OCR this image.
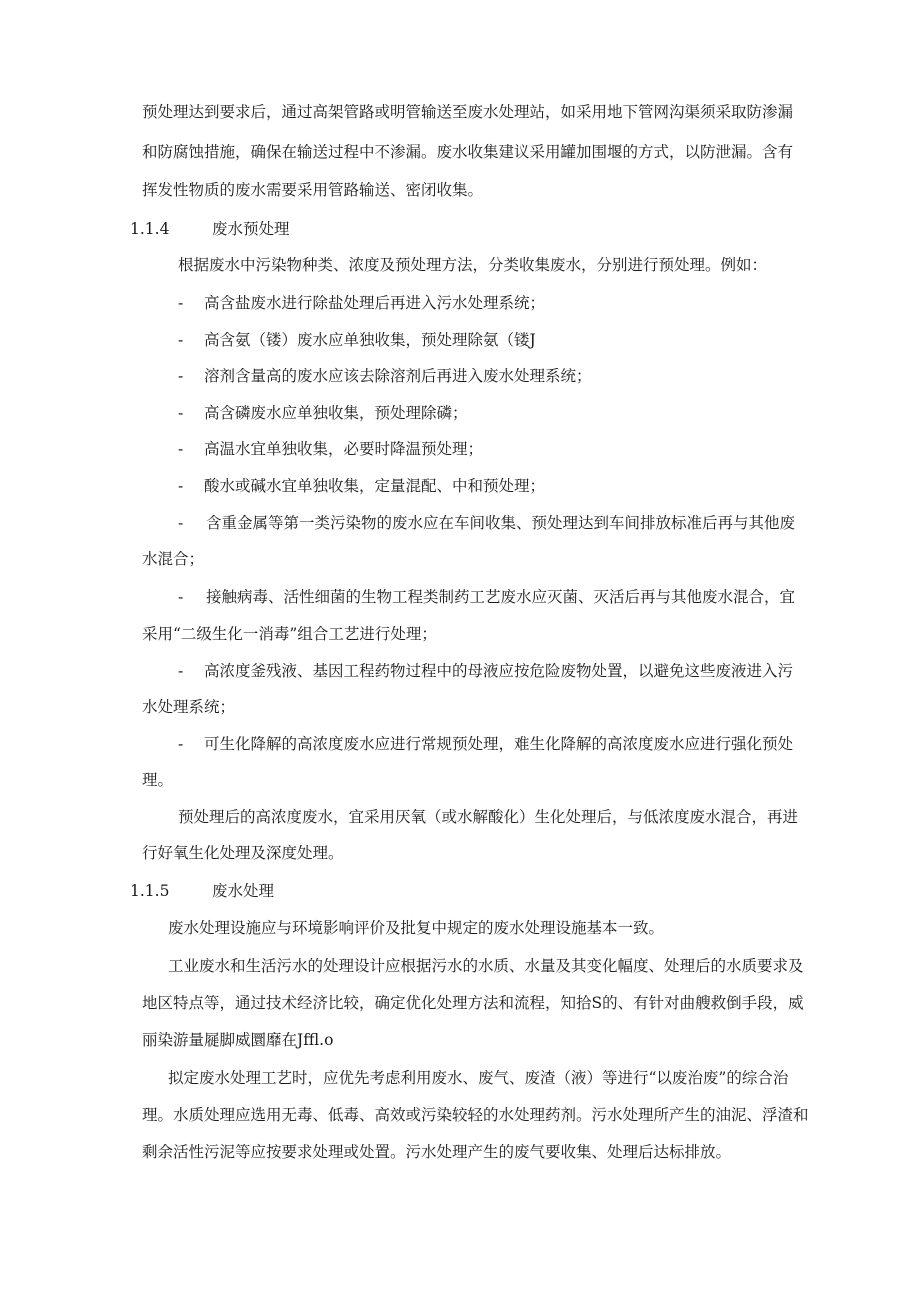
预处理达到要求后，通过高架管路或明管输送至废水处理站，如采用地下管网沟渠须采取防渗漏

和防腐蚀措施，确保在输送过程中不渗漏。废水收集建议采用罐加围堰的方式，以防泄漏。含有

挥发性物质的废水需要采用管路输送、密闭收集。

1.1.4	废水预处理

根据废水中污染物种类、浓度及预处理方法，分类收集废水，分别进行预处理。例如：

- 高含盐废水进行除盐处理后再进入污水处理系统；
- 高含氨（镂）废水应单独收集，预处理除氨（镂J
- 溶剂含量高的废水应该去除溶剂后再进入废水处理系统；
- 高含磷废水应单独收集，预处理除磷；
- 高温水宜单独收集，必要时降温预处理；
- 酸水或碱水宜单独收集，定量混配、中和预处理；
- 含重金属等第一类污染物的废水应在车间收集、预处理达到车间排放标准后再与其他废

水混合；

- 接触病毒、活性细菌的生物工程类制药工艺废水应灭菌、灭活后再与其他废水混合，宜

采用“二级生化一消毒”组合工艺进行处理；

- 高浓度釜残液、基因工程药物过程中的母液应按危险废物处置，以避免这些废液进入污

水处理系统；

- 可生化降解的高浓度废水应进行常规预处理，难生化降解的高浓度废水应进行强化预处

理。

预处理后的高浓度废水，宜采用厌氧（或水解酸化）生化处理后，与低浓度废水混合，再进

行好氧生化处理及深度处理。

1.1.5	废水处理

废水处理设施应与环境影响评价及批复中规定的废水处理设施基本一致。

工业废水和生活污水的处理设计应根据污水的水质、水量及其变化幅度、处理后的水质要求及

地区特点等，通过技术经济比较，确定优化处理方法和流程，知拾S的、有针对曲艘救倒手段，威

丽染游量屣脚威圜靡在Jffl.o

拟定废水处理工艺时，应优先考虑利用废水、废气、废渣（液）等进行“以废治废”的综合治

理。水质处理应选用无毒、低毒、高效或污染较轻的水处理药剂。污水处理所产生的油泥、浮渣和

剩余活性污泥等应按要求处理或处置。污水处理产生的废气要收集、处理后达标排放。
